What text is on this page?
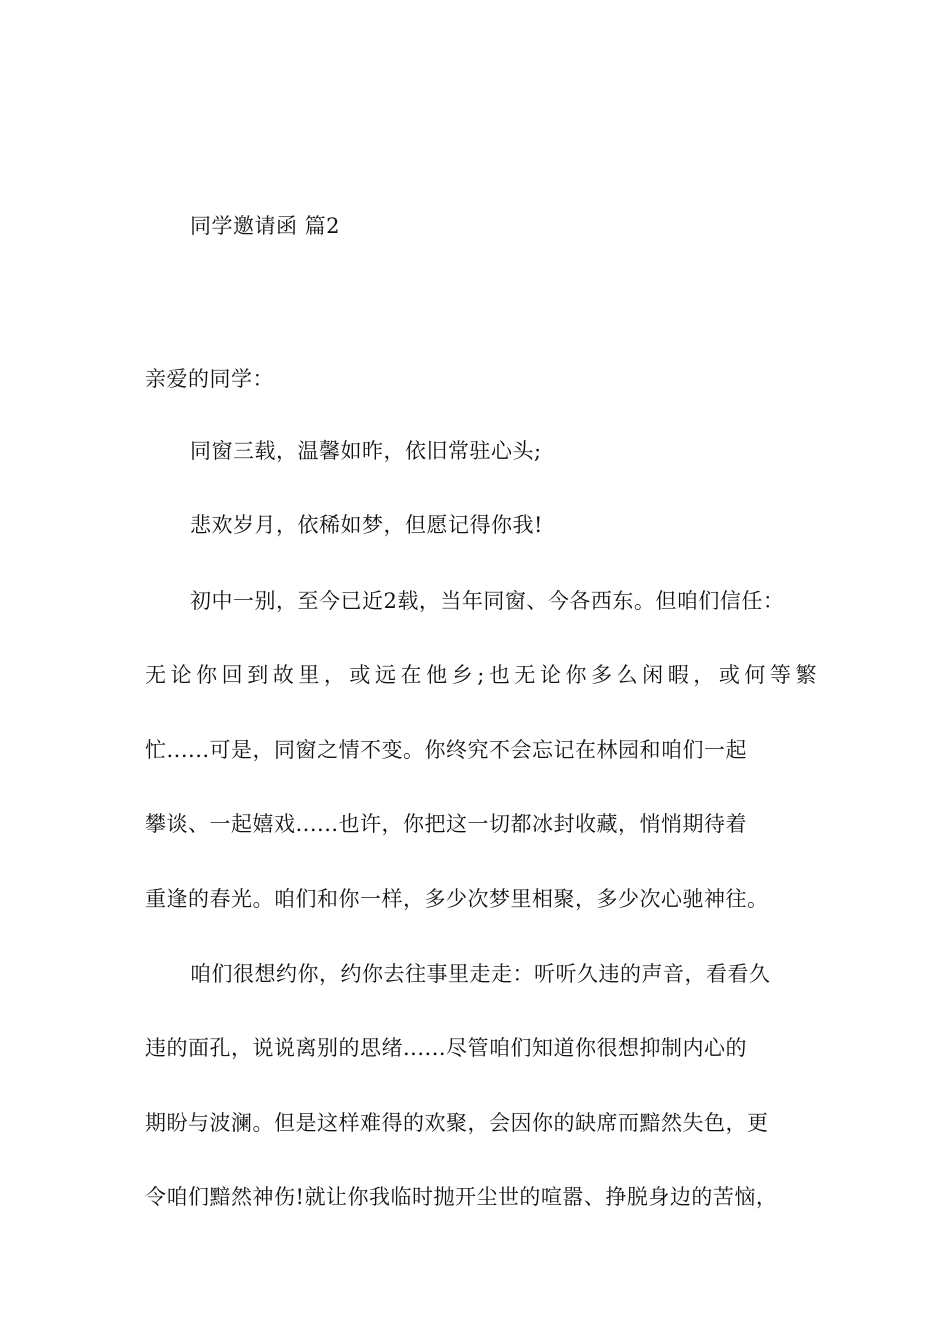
同学邀请函 篇2
亲爱的同学：
同窗三载，温馨如昨，依旧常驻心头;
悲欢岁月，依稀如梦，但愿记得你我!
初中一别，至今已近2载，当年同窗、今各西东。但咱们信任：
无论你回到故里，或远在他乡;也无论你多么闲暇，或何等繁
忙......可是，同窗之情不变。你终究不会忘记在林园和咱们一起
攀谈、一起嬉戏......也许，你把这一切都冰封收藏，悄悄期待着
重逢的春光。咱们和你一样，多少次梦里相聚，多少次心驰神往。
咱们很想约你，约你去往事里走走：听听久违的声音，看看久
违的面孔，说说离别的思绪......尽管咱们知道你很想抑制内心的
期盼与波澜。但是这样难得的欢聚，会因你的缺席而黯然失色，更
令咱们黯然神伤!就让你我临时抛开尘世的喧嚣、挣脱身边的苦恼，
